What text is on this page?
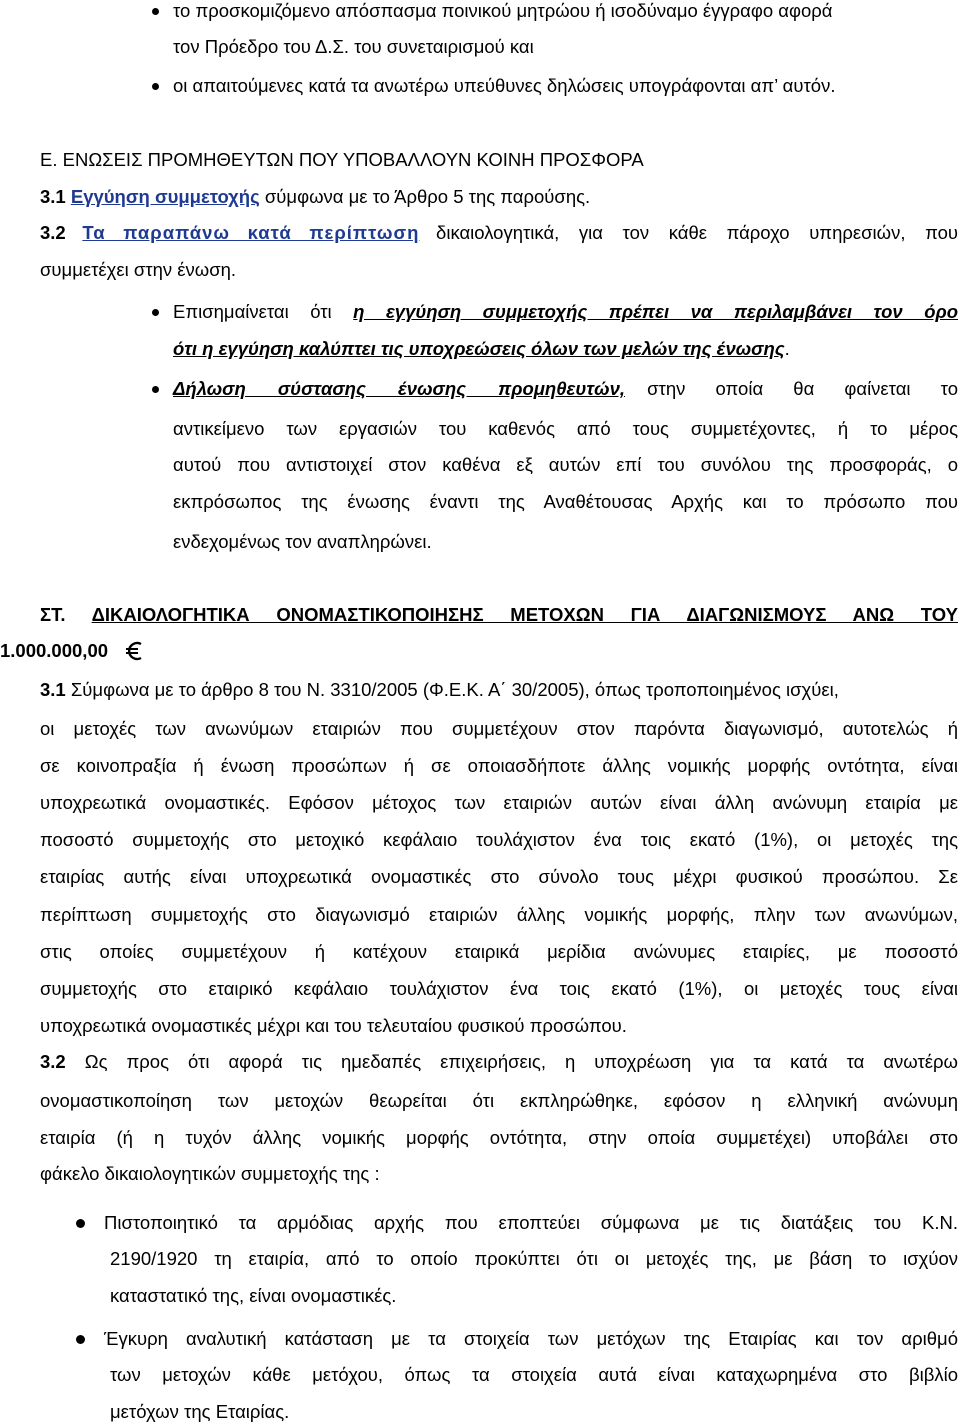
το προσκομιζόμενο απόσπασμα ποινικού μητρώου ή ισοδύναμο έγγραφο αφορά
τον Πρόεδρο του Δ.Σ. του συνεταιρισμού και
οι απαιτούμενες κατά τα ανωτέρω υπεύθυνες δηλώσεις υπογράφονται απ’ αυτόν.
Ε. ΕΝΩΣΕΙΣ ΠΡΟΜΗΘΕΥΤΩΝ ΠΟΥ ΥΠΟΒΑΛΛΟΥΝ ΚΟΙΝΗ ΠΡΟΣΦΟΡΑ
3.1 Εγγύηση συμμετοχής σύμφωνα με το Άρθρο 5 της παρούσης.
3.2 Τα παραπάνω κατά περίπτωση δικαιολογητικά, για τον κάθε πάροχο υπηρεσιών, που
συμμετέχει στην ένωση.
Επισημαίνεται ότι η εγγύηση συμμετοχής πρέπει να περιλαμβάνει τον όρο
ότι η εγγύηση καλύπτει τις υποχρεώσεις όλων των μελών της ένωσης.
Δήλωση σύστασης ένωσης προμηθευτών, στην οποία θα φαίνεται το
αντικείμενο των εργασιών του καθενός από τους συμμετέχοντες, ή το μέρος
αυτού που αντιστοιχεί στον καθένα εξ αυτών επί του συνόλου της προσφοράς, ο
εκπρόσωπος της ένωσης έναντι της Αναθέτουσας Αρχής και το πρόσωπο που
ενδεχομένως τον αναπληρώνει.
ΣΤ. ΔΙΚΑΙΟΛΟΓΗΤΙΚΑ ΟΝΟΜΑΣΤΙΚΟΠΟΙΗΣΗΣ ΜΕΤΟΧΩΝ ΓΙΑ ΔΙΑΓΩΝΙΣΜΟΥΣ ΑΝΩ ΤΟΥ
1.000.000,00
3.1 Σύμφωνα με το άρθρο 8 του Ν. 3310/2005 (Φ.Ε.Κ. Α΄ 30/2005), όπως τροποποιημένος ισχύει,
οι μετοχές των ανωνύμων εταιριών που συμμετέχουν στον παρόντα διαγωνισμό, αυτοτελώς ή
σε κοινοπραξία ή ένωση προσώπων ή σε οποιασδήποτε άλλης νομικής μορφής οντότητα, είναι
υποχρεωτικά ονομαστικές. Εφόσον μέτοχος των εταιριών αυτών είναι άλλη ανώνυμη εταιρία με
ποσοστό συμμετοχής στο μετοχικό κεφάλαιο τουλάχιστον ένα τοις εκατό (1%), οι μετοχές της
εταιρίας αυτής είναι υποχρεωτικά ονομαστικές στο σύνολο τους μέχρι φυσικού προσώπου. Σε
περίπτωση συμμετοχής στο διαγωνισμό εταιριών άλλης νομικής μορφής, πλην των ανωνύμων,
στις οποίες συμμετέχουν ή κατέχουν εταιρικά μερίδια ανώνυμες εταιρίες, με ποσοστό
συμμετοχής στο εταιρικό κεφάλαιο τουλάχιστον ένα τοις εκατό (1%), οι μετοχές τους είναι
υποχρεωτικά ονομαστικές μέχρι και του τελευταίου φυσικού προσώπου.
3.2 Ως προς ότι αφορά τις ημεδαπές επιχειρήσεις, η υποχρέωση για τα κατά τα ανωτέρω
ονομαστικοποίηση των μετοχών θεωρείται ότι εκπληρώθηκε, εφόσον η ελληνική ανώνυμη
εταιρία (ή η τυχόν άλλης νομικής μορφής οντότητα, στην οποία συμμετέχει) υποβάλει στο
φάκελο δικαιολογητικών συμμετοχής της :
Πιστοποιητικό τα αρμόδιας αρχής που εποπτεύει σύμφωνα με τις διατάξεις του Κ.Ν.
2190/1920 τη εταιρία, από το οποίο προκύπτει ότι οι μετοχές της, με βάση το ισχύον
καταστατικό της, είναι ονομαστικές.
Έγκυρη αναλυτική κατάσταση με τα στοιχεία των μετόχων της Εταιρίας και τον αριθμό
των μετοχών κάθε μετόχου, όπως τα στοιχεία αυτά είναι καταχωρημένα στο βιβλίο
μετόχων της Εταιρίας.
